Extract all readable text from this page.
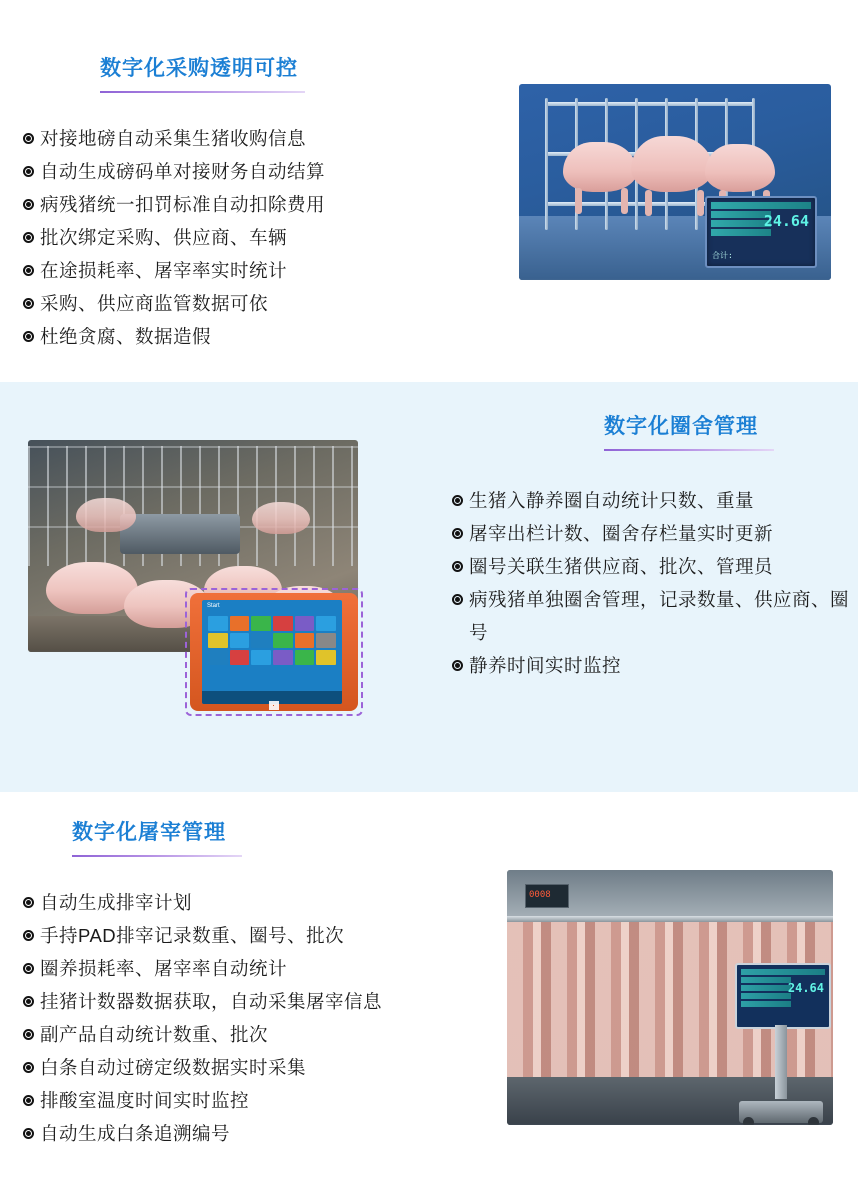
数字化采购透明可控
对接地磅自动采集生猪收购信息
自动生成磅码单对接财务自动结算
病残猪统一扣罚标准自动扣除费用
批次绑定采购、供应商、车辆
在途损耗率、屠宰率实时统计
采购、供应商监管数据可依
杜绝贪腐、数据造假
24.64
合计:
数字化圈舍管理
生猪入静养圈自动统计只数、重量
屠宰出栏计数、圈舍存栏量实时更新
圈号关联生猪供应商、批次、管理员
病残猪单独圈舍管理，记录数量、供应商、圈号
静养时间实时监控
Start
数字化屠宰管理
自动生成排宰计划
手持PAD排宰记录数重、圈号、批次
圈养损耗率、屠宰率自动统计
挂猪计数器数据获取，自动采集屠宰信息
副产品自动统计数重、批次
白条自动过磅定级数据实时采集
排酸室温度时间实时监控
自动生成白条追溯编号
0008
24.64
